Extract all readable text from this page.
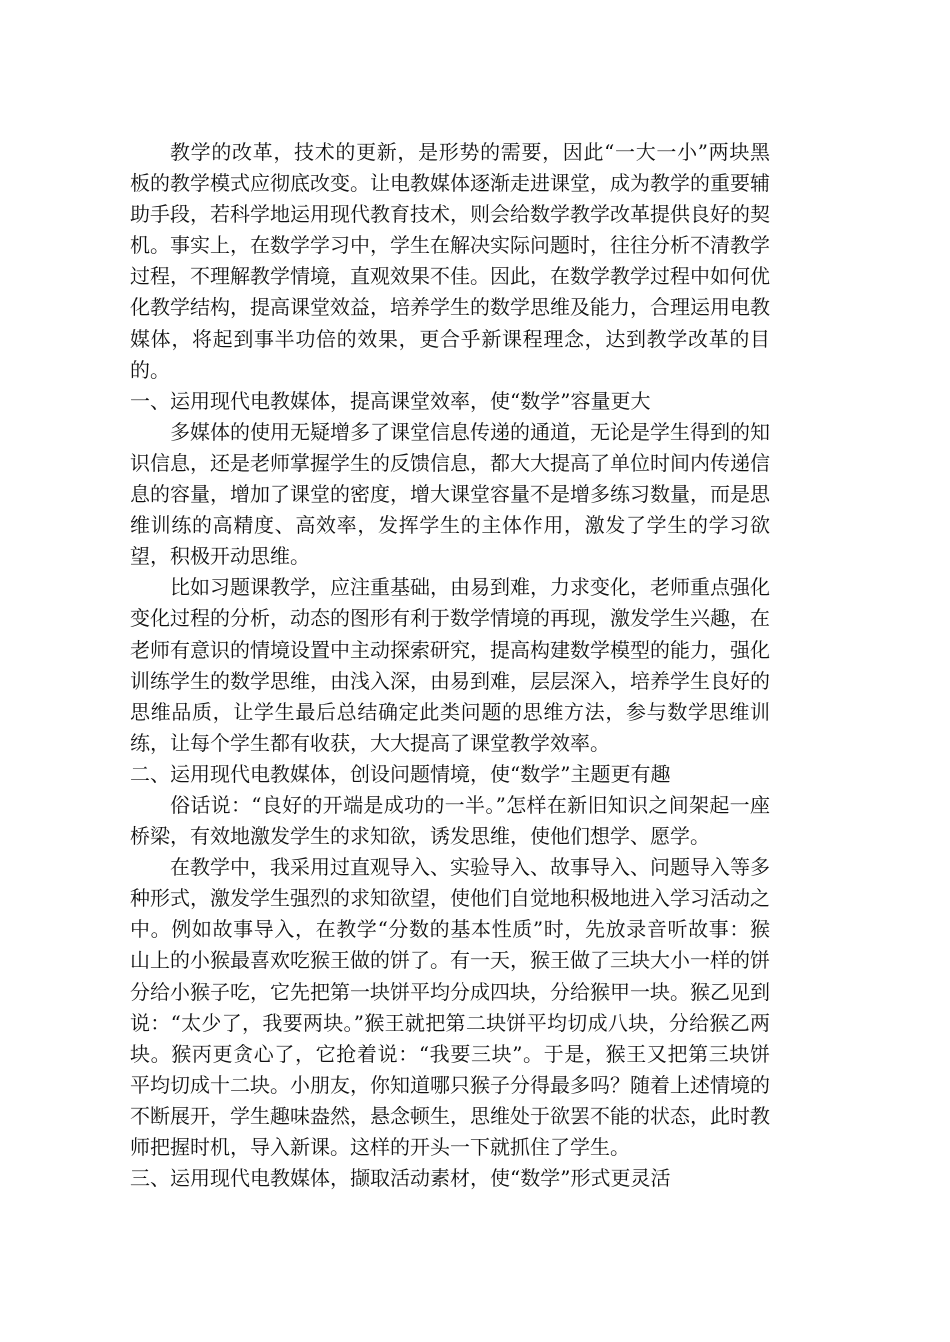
教学的改革，技术的更新，是形势的需要，因此“一大一小”两块黑板的教学模式应彻底改变。让电教媒体逐渐走进课堂，成为教学的重要辅助手段，若科学地运用现代教育技术，则会给数学教学改革提供良好的契机。事实上，在数学学习中，学生在解决实际问题时，往往分析不清教学过程，不理解教学情境，直观效果不佳。因此，在数学教学过程中如何优化教学结构，提高课堂效益，培养学生的数学思维及能力，合理运用电教媒体，将起到事半功倍的效果，更合乎新课程理念，达到教学改革的目的。

一、运用现代电教媒体，提高课堂效率，使“数学”容量更大

多媒体的使用无疑增多了课堂信息传递的通道，无论是学生得到的知识信息，还是老师掌握学生的反馈信息，都大大提高了单位时间内传递信息的容量，增加了课堂的密度，增大课堂容量不是增多练习数量，而是思维训练的高精度、高效率，发挥学生的主体作用，激发了学生的学习欲望，积极开动思维。

比如习题课教学，应注重基础，由易到难，力求变化，老师重点强化变化过程的分析，动态的图形有利于数学情境的再现，激发学生兴趣，在老师有意识的情境设置中主动探索研究，提高构建数学模型的能力，强化训练学生的数学思维，由浅入深，由易到难，层层深入，培养学生良好的思维品质，让学生最后总结确定此类问题的思维方法，参与数学思维训练，让每个学生都有收获，大大提高了课堂教学效率。

二、运用现代电教媒体，创设问题情境，使“数学”主题更有趣

俗话说：“良好的开端是成功的一半。”怎样在新旧知识之间架起一座桥梁，有效地激发学生的求知欲，诱发思维，使他们想学、愿学。

在教学中，我采用过直观导入、实验导入、故事导入、问题导入等多种形式，激发学生强烈的求知欲望，使他们自觉地积极地进入学习活动之中。例如故事导入，在教学“分数的基本性质”时，先放录音听故事：猴山上的小猴最喜欢吃猴王做的饼了。有一天，猴王做了三块大小一样的饼分给小猴子吃，它先把第一块饼平均分成四块，分给猴甲一块。猴乙见到说：“太少了，我要两块。”猴王就把第二块饼平均切成八块，分给猴乙两块。猴丙更贪心了，它抢着说：“我要三块”。于是，猴王又把第三块饼平均切成十二块。小朋友，你知道哪只猴子分得最多吗？随着上述情境的不断展开，学生趣味盎然，悬念顿生，思维处于欲罢不能的状态，此时教师把握时机，导入新课。这样的开头一下就抓住了学生。

三、运用现代电教媒体，撷取活动素材，使“数学”形式更灵活
